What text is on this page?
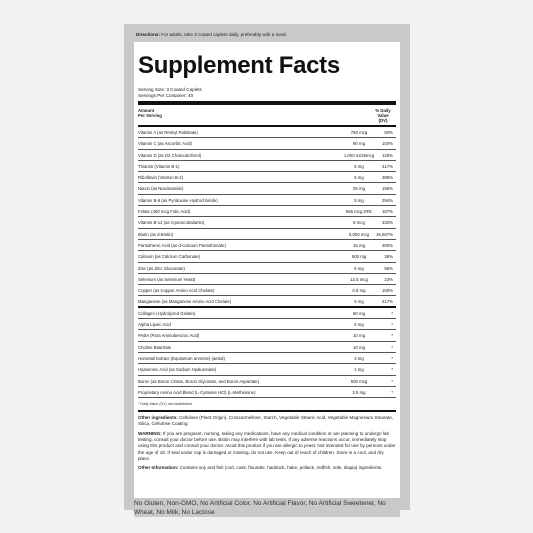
Directions: For adults, take 3 coated caplets daily, preferably with a meal.
Supplement Facts
Serving Size: 3 Coated Caplets
Servings Per Container: 40
Amount
Per Serving
% Daily
Value
(DV)
Vitamin A (as Retinyl Palmitate)	750 mcg	83%
Vitamin C (as Ascorbic Acid)	90 mg	100%
Vitamin D (as D3 Cholecalciferol)	1,000 IU/25mcg	125%
Thiamin (Vitamin B-1)	5 mg	417%
Riboflavin (Vitamin B-2)	5 mg	385%
Niacin (as Niacinamide)	25 mg	156%
Vitamin B-6 (as Pyridoxine Hydrochloride)	5 mg	294%
Folate (400 mcg Folic Acid)	666 mcg DFE	167%
Vitamin B-12 (as Cyanocobalamin)	8 mcg	333%
Biotin (as d-Biotin)	5,000 mcg	16,667%
Pantothenic Acid (as d-Calcium Pantothenate)	15 mg	300%
Calcium (as Calcium Carbonate)	500 mg	38%
Zinc (as Zinc Gluconate)	6 mg	55%
Selenium (as Selenium Yeast)	12.5 mcg	23%
Copper (as Copper Amino Acid Chelate)	0.9 mg	100%
Manganese (as Manganese Amino Acid Chelate)	5 mg	217%
Collagen (Hydrolyzed Gelatin)	60 mg	*
Alpha Lipoic Acid	5 mg	*
PABA (Para Aminobenzoic Acid)	10 mg	*
Choline Bitartrate	10 mg	*
Horsetail Extract (Equisetum arvense) (aerial)	3 mg	*
Hyaluronic Acid (as Sodium Hyaluronate)	1 mg	*
Boron (as Boron Citrate, Boron Glycinate, and Boron Aspartate)	500 mcg	*
Proprietary Amino Acid Blend (L-Cysteine HCl) (L-Methionine)	3.5 mg	*
* Daily Value (DV) not established
Other ingredients: Cellulose (Plant Origin), Croscarmellose, Starch, Vegetable Stearic Acid, Vegetable Magnesium Stearate, Silica, Cellulose Coating
WARNING: If you are pregnant, nursing, taking any medications, have any medical condition or are planning to undergo lab testing, consult your doctor before use. Biotin may interfere with lab tests. If any adverse reactions occur, immediately stop using this product and consult your doctor. Avoid this product if you are allergic to yeast. Not intended for use by persons under the age of 18. If seal under cap is damaged or missing, do not use. Keep out of reach of children. Store in a cool, and dry place.
Other Information: Contains soy and fish (cod, cusk, flounder, haddock, hake, pollack, redfish, sole, tilapia) ingredients.
No Gluten, Non-GMO, No Artificial Color, No Artificial Flavor, No Artificial Sweetener, No Wheat, No Milk, No Lactose
